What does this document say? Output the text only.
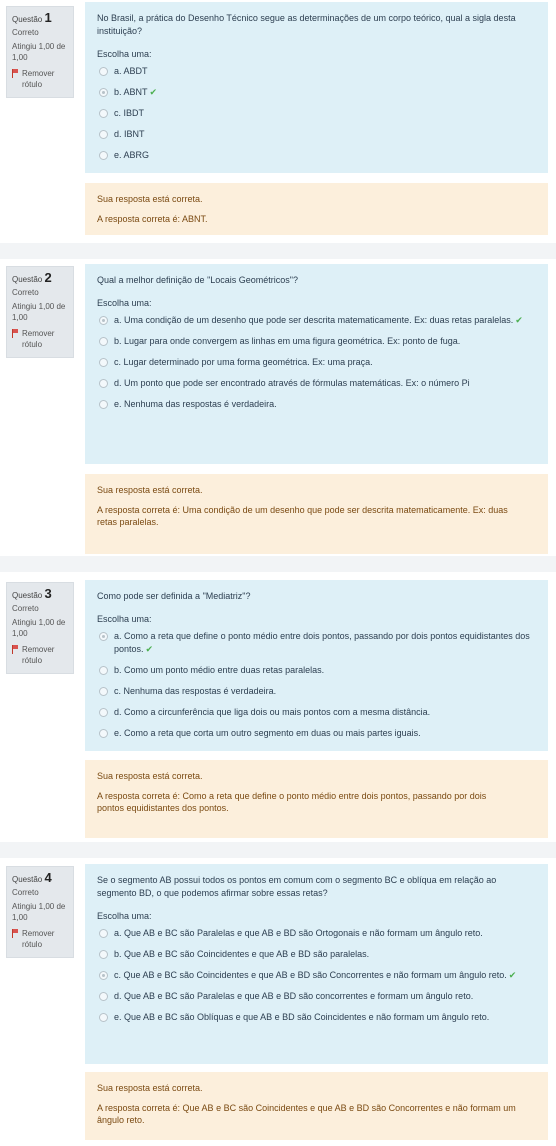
Questão 1
Correto
Atingiu 1,00 de 1,00
Remover rótulo
No Brasil, a prática do Desenho Técnico segue as determinações de um corpo teórico, qual a sigla desta instituição?
Escolha uma:
a. ABDT
b. ABNT ✔
c. IBDT
d. IBNT
e. ABRG
Sua resposta está correta.
A resposta correta é: ABNT.
Questão 2
Correto
Atingiu 1,00 de 1,00
Remover rótulo
Qual a melhor definição de "Locais Geométricos"?
Escolha uma:
a. Uma condição de um desenho que pode ser descrita matematicamente. Ex: duas retas paralelas. ✔
b. Lugar para onde convergem as linhas em uma figura geométrica. Ex: ponto de fuga.
c. Lugar determinado por uma forma geométrica. Ex: uma praça.
d. Um ponto que pode ser encontrado através de fórmulas matemáticas. Ex: o número Pi
e. Nenhuma das respostas é verdadeira.
Sua resposta está correta.
A resposta correta é: Uma condição de um desenho que pode ser descrita matematicamente. Ex: duas
retas paralelas.
Questão 3
Correto
Atingiu 1,00 de 1,00
Remover rótulo
Como pode ser definida a "Mediatriz"?
Escolha uma:
a. Como a reta que define o ponto médio entre dois pontos, passando por dois pontos equidistantes dos pontos. ✔
b. Como um ponto médio entre duas retas paralelas.
c. Nenhuma das respostas é verdadeira.
d. Como a circunferência que liga dois ou mais pontos com a mesma distância.
e. Como a reta que corta um outro segmento em duas ou mais partes iguais.
Sua resposta está correta.
A resposta correta é: Como a reta que define o ponto médio entre dois pontos, passando por dois
pontos equidistantes dos pontos.
Questão 4
Correto
Atingiu 1,00 de 1,00
Remover rótulo
Se o segmento AB possui todos os pontos em comum com o segmento BC e oblíqua em relação ao segmento BD, o que podemos afirmar sobre essas retas?
Escolha uma:
a. Que AB e BC são Paralelas e que AB e BD são Ortogonais e não formam um ângulo reto.
b. Que AB e BC são Coincidentes e que AB e BD são paralelas.
c. Que AB e BC são Coincidentes e que AB e BD são Concorrentes e não formam um ângulo reto. ✔
d. Que AB e BC são Paralelas e que AB e BD são concorrentes e formam um ângulo reto.
e. Que AB e BC são Oblíquas e que AB e BD são Coincidentes e não formam um ângulo reto.
Sua resposta está correta.
A resposta correta é: Que AB e BC são Coincidentes e que AB e BD são Concorrentes e não formam um ângulo reto.
